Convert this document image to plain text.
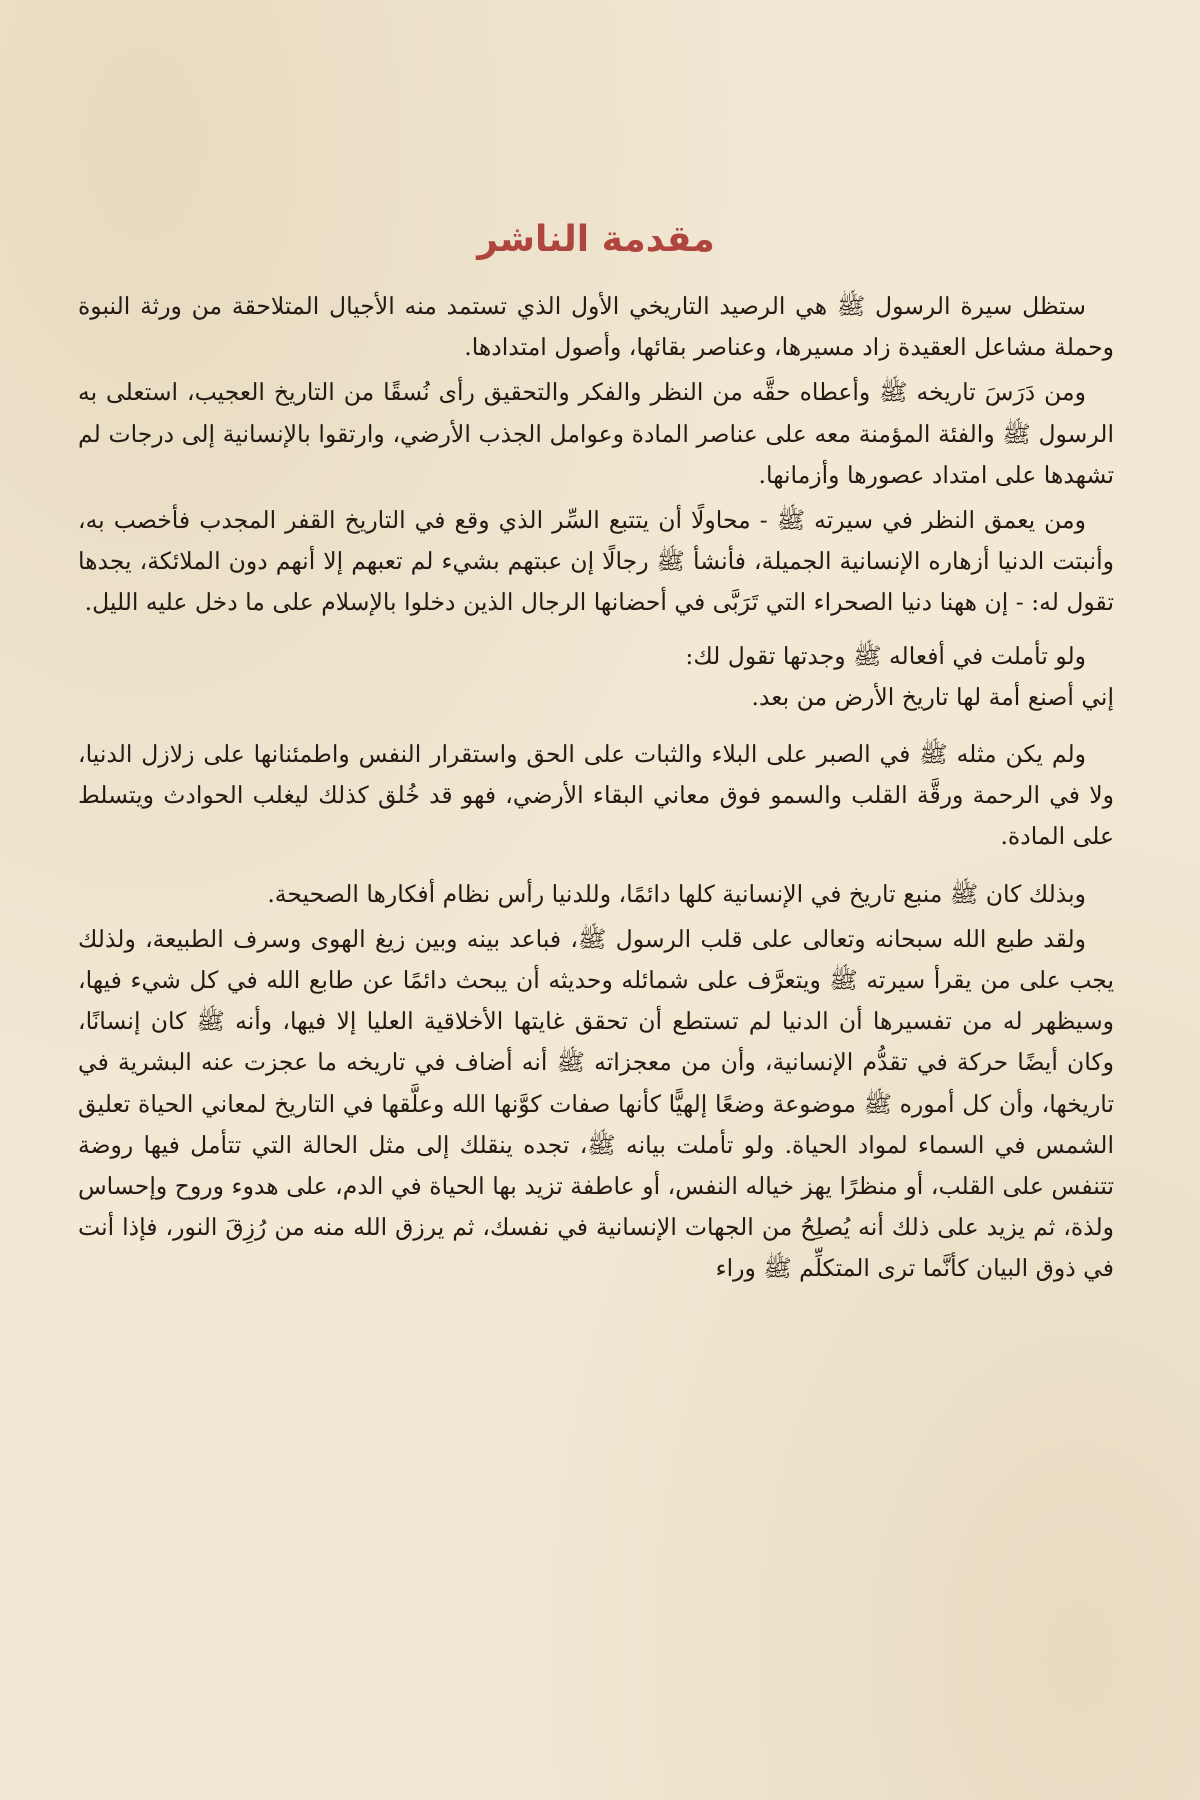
مقدمة الناشر

ستظل سيرة الرسول ﷺ هي الرصيد التاريخي الأول الذي تستمد منه الأجيال المتلاحقة من ورثة النبوة وحملة مشاعل العقيدة زاد مسيرها، وعناصر بقائها، وأصول امتدادها.

ومن دَرَسَ تاريخه ﷺ وأعطاه حقَّه من النظر والفكر والتحقيق رأى نُسقًا من التاريخ العجيب، استعلى به الرسول ﷺ والفئة المؤمنة معه على عناصر المادة وعوامل الجذب الأرضي، وارتقوا بالإنسانية إلى درجات لم تشهدها على امتداد عصورها وأزمانها.

ومن يعمق النظر في سيرته ﷺ - محاولًا أن يتتبع السِّر الذي وقع في التاريخ القفر المجدب فأخصب به، وأنبتت الدنيا أزهاره الإنسانية الجميلة، فأنشأ ﷺ رجالًا إن عبتهم بشيء لم تعبهم إلا أنهم دون الملائكة، يجدها تقول له: - إن ههنا دنيا الصحراء التي تَرَبَّى في أحضانها الرجال الذين دخلوا بالإسلام على ما دخل عليه الليل.

ولو تأملت في أفعاله ﷺ وجدتها تقول لك:

إني أصنع أمة لها تاريخ الأرض من بعد.

ولم يكن مثله ﷺ في الصبر على البلاء والثبات على الحق واستقرار النفس واطمئنانها على زلازل الدنيا، ولا في الرحمة ورقَّة القلب والسمو فوق معاني البقاء الأرضي، فهو قد خُلق كذلك ليغلب الحوادث ويتسلط على المادة.

وبذلك كان ﷺ منبع تاريخ في الإنسانية كلها دائمًا، وللدنيا رأس نظام أفكارها الصحيحة.

ولقد طبع الله سبحانه وتعالى على قلب الرسول ﷺ، فباعد بينه وبين زيغ الهوى وسرف الطبيعة، ولذلك يجب على من يقرأ سيرته ﷺ ويتعرَّف على شمائله وحديثه أن يبحث دائمًا عن طابع الله في كل شيء فيها، وسيظهر له من تفسيرها أن الدنيا لم تستطع أن تحقق غايتها الأخلاقية العليا إلا فيها، وأنه ﷺ كان إنسانًا، وكان أيضًا حركة في تقدُّم الإنسانية، وأن من معجزاته ﷺ أنه أضاف في تاريخه ما عجزت عنه البشرية في تاريخها، وأن كل أموره ﷺ موضوعة وضعًا إلهيًّا كأنها صفات كوَّنها الله وعلَّقها في التاريخ لمعاني الحياة تعليق الشمس في السماء لمواد الحياة. ولو تأملت بيانه ﷺ، تجده ينقلك إلى مثل الحالة التي تتأمل فيها روضة تتنفس على القلب، أو منظرًا يهز خياله النفس، أو عاطفة تزيد بها الحياة في الدم، على هدوء وروح وإحساس ولذة، ثم يزيد على ذلك أنه يُصلِحُ من الجهات الإنسانية في نفسك، ثم يرزق الله منه من رُزِقَ النور، فإذا أنت في ذوق البيان كأنَّما ترى المتكلِّم ﷺ وراء
